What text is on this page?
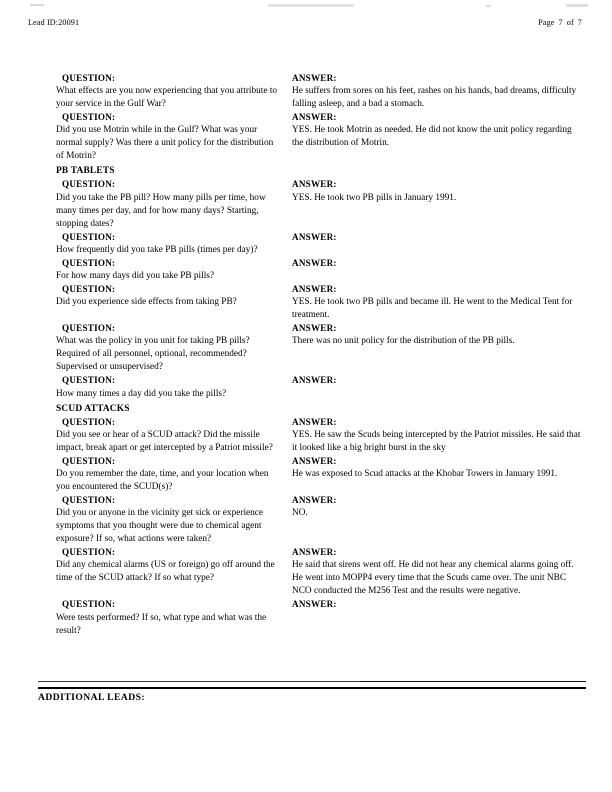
Lead ID:20091	Page 7 of 7
QUESTION:	ANSWER:

What effects are you now experiencing that you attribute to your service in the Gulf War?

He suffers from sores on his feet, rashes on his hands, bad dreams, difficulty falling asleep, and a bad a stomach.

QUESTION:	ANSWER:

Did you use Motrin while in the Gulf? What was your normal supply? Was there a unit policy for the distribution of Motrin?

YES. He took Motrin as needed. He did not know the unit policy regarding the distribution of Motrin.

PB TABLETS
QUESTION:	ANSWER:

Did you take the PB pill? How many pills per time, how many times per day, and for how many days? Starting, stopping dates?

YES. He took two PB pills in January 1991.

QUESTION:	ANSWER:

How frequently did you take PB pills (times per day)?

QUESTION:	ANSWER:

For how many days did you take PB pills?

QUESTION:	ANSWER:

Did you experience side effects from taking PB?	YES. He took two PB pills and became ill. He went to the Medical Tent for treatment.

QUESTION:	ANSWER:

What was the policy in you unit for taking PB pills? Required of all personnel, optional, recommended? Supervised or unsupervised?

There was no unit policy for the distribution of the PB pills.

QUESTION:	ANSWER:

How many times a day did you take the pills?

SCUD ATTACKS
QUESTION:	ANSWER:

Did you see or hear of a SCUD attack? Did the missile impact, break apart or get intercepted by a Patriot missile?

YES. He saw the Scuds being intercepted by the Patriot missiles. He said that it looked like a big bright burst in the sky

QUESTION:	ANSWER:

Do you remember the date, time, and your location when you encountered the SCUD(s)?

He was exposed to Scud attacks at the Khobar Towers in January 1991.

QUESTION:	ANSWER:

Did you or anyone in the vicinity get sick or experience symptoms that you thought were due to chemical agent exposure? If so, what actions were taken?

NO.

QUESTION:	ANSWER:

Did any chemical alarms (US or foreign) go off around the time of the SCUD attack? If so what type?

He said that sirens went off. He did not hear any chemical alarms going off. He went into MOPP4 every time that the Scuds came over. The unit NBC NCO conducted the M256 Test and the results were negative.

QUESTION:	ANSWER:

Were tests performed? If so, what type and what was the result?

ADDITIONAL LEADS:
